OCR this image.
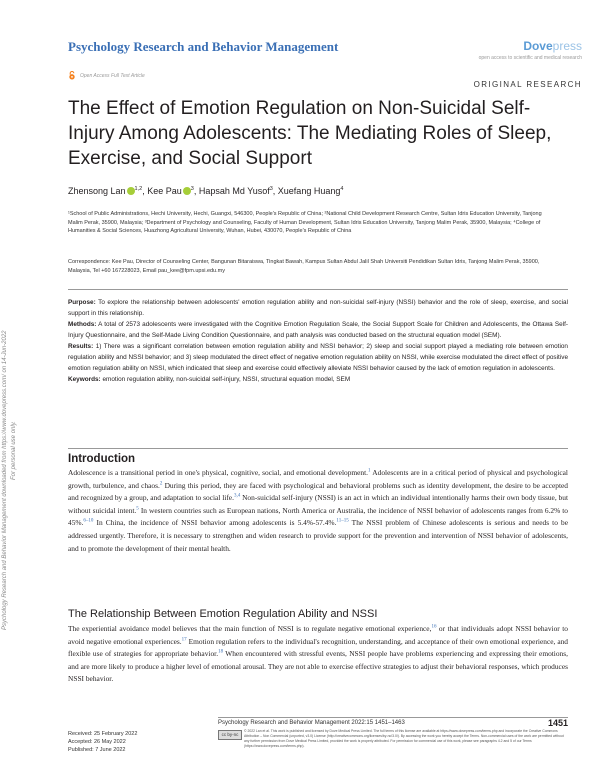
Psychology Research and Behavior Management	Dovepress
open access to scientific and medical research
Open Access Full Text Article
ORIGINAL RESEARCH
Psychology Research and Behavior Management downloaded from https://www.dovepress.com/ on 14-Jun-2022 For personal use only.
The Effect of Emotion Regulation on Non-Suicidal Self-Injury Among Adolescents: The Mediating Roles of Sleep, Exercise, and Social Support
Zhensong Lan $^{1,2}$, Kee Pau $^3$, Hapsah Md Yusof$^3$, Xuefang Huang$^4$
¹School of Public Administrations, Hechi University, Hechi, Guangxi, 546300, People's Republic of China; ²National Child Development Research Centre, Sultan Idris Education University, Tanjong Malim Perak, 35900, Malaysia; ³Department of Psychology and Counseling, Faculty of Human Development, Sultan Idris Education University, Tanjong Malim Perak, 35900, Malaysia; ⁴College of Humanities & Social Sciences, Huazhong Agricultural University, Wuhan, Hubei, 430070, People's Republic of China
Correspondence: Kee Pau, Director of Counseling Center, Bangunan Bitaraiswa, Tingkat Bawah, Kampus Sultan Abdul Jalil Shah Universiti Pendidikan Sultan Idris, Tanjong Malim Perak, 35900, Malaysia, Tel +60 167228023, Email pau_kee@fpm.upsi.edu.my

Purpose: To explore the relationship between adolescents' emotion regulation ability and non-suicidal self-injury (NSSI) behavior and the role of sleep, exercise, and social support in this relationship.

Methods: A total of 2573 adolescents were investigated with the Cognitive Emotion Regulation Scale, the Social Support Scale for Children and Adolescents, the Ottawa Self-Injury Questionnaire, and the Self-Made Living Condition Questionnaire, and path analysis was conducted based on the structural equation model (SEM).

Results: 1) There was a significant correlation between emotion regulation ability and NSSI behavior; 2) sleep and social support played a mediating role between emotion regulation ability and NSSI behavior; and 3) sleep modulated the direct effect of negative emotion regulation ability on NSSI, while exercise modulated the direct effect of positive emotion regulation ability on NSSI, which indicated that sleep and exercise could effectively alleviate NSSI behavior caused by the lack of emotion regulation in adolescents.

Keywords: emotion regulation ability, non-suicidal self-injury, NSSI, structural equation model, SEM

Introduction

Adolescence is a transitional period in one's physical, cognitive, social, and emotional development.$^1$ Adolescents are in a critical period of physical and psychological growth, turbulence, and chaos.$^2$ During this period, they are faced with psychological and behavioral problems such as identity development, the desire to be accepted and recognized by a group, and adaptation to social life.$^{3,4}$ Non-suicidal self-injury (NSSI) is an act in which an individual intentionally harms their own body tissue, but without suicidal intent.$^5$ In western countries such as European nations, North America or Australia, the incidence of NSSI behavior of adolescents ranges from 6.2% to 45%.$^{6-10}$ In China, the incidence of NSSI behavior among adolescents is 5.4%-57.4%.$^{11-15}$ The NSSI problem of Chinese adolescents is serious and needs to be addressed urgently. Therefore, it is necessary to strengthen and widen research to provide support for the prevention and intervention of NSSI behavior of adolescents, and to promote the development of their mental health.

The Relationship Between Emotion Regulation Ability and NSSI

The experiential avoidance model believes that the main function of NSSI is to regulate negative emotional experience,$^{16}$ or that individuals adopt NSSI behavior to avoid negative emotional experiences.$^{17}$ Emotion regulation refers to the individual's recognition, understanding, and acceptance of their own emotional experience, and flexible use of strategies for appropriate behavior.$^{18}$ When encountered with stressful events, NSSI people have problems experiencing and expressing their emotions, and are more likely to produce a higher level of emotional arousal. They are not able to exercise effective strategies to adjust their behavioral responses, which produces NSSI behavior.

Received: 25 February 2022
Accepted: 26 May 2022
Published: 7 June 2022
Psychology Research and Behavior Management 2022:15 1451–1463	1451
cc by-nc
© 2022 Lan et al. This work is published and licensed by Dove Medical Press Limited. The full terms of this license are available at https://www.dovepress.com/terms.php and incorporate the Creative Commons Attribution – Non Commercial (unported, v3.0) License (http://creativecommons.org/licenses/by-nc/3.0/). By accessing the work you hereby accept the Terms. Non-commercial uses of the work are permitted without any further permission from Dove Medical Press Limited, provided the work is properly attributed. For permission for commercial use of this work, please see paragraphs 4.2 and 5 of our Terms (https://www.dovepress.com/terms.php).
